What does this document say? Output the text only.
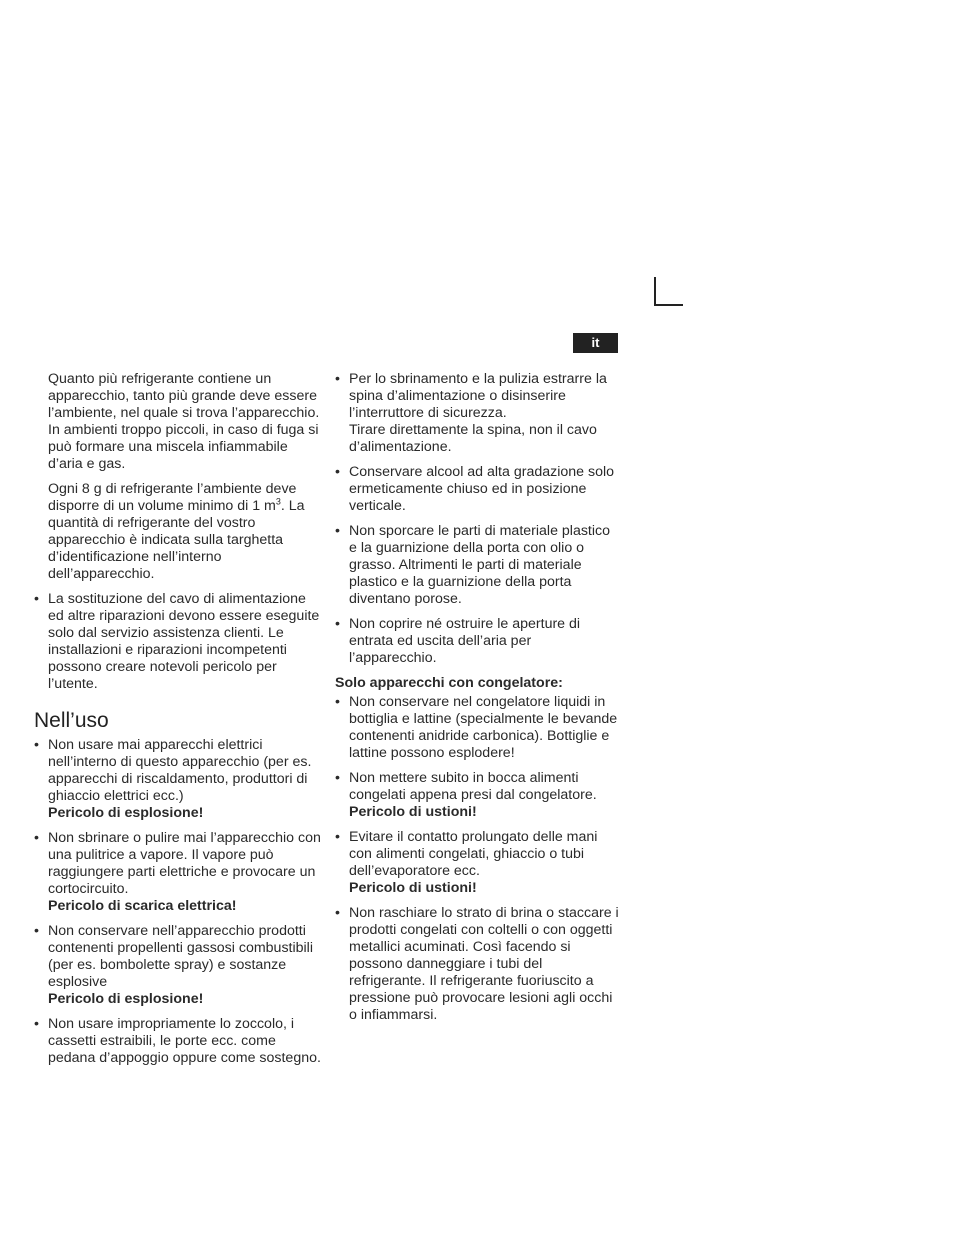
it

Quanto più refrigerante contiene un apparecchio, tanto più grande deve essere l’ambiente, nel quale si trova l’apparecchio. In ambienti troppo piccoli, in caso di fuga si può formare una miscela infiammabile d’aria e gas.

Ogni 8 g di refrigerante l’ambiente deve disporre di un volume minimo di 1 $m^3$. La quantità di refrigerante del vostro apparecchio è indicata sulla targhetta d’identificazione nell’interno dell’apparecchio.

• La sostituzione del cavo di alimentazione ed altre riparazioni devono essere eseguite solo dal servizio assistenza clienti. Le installazioni e riparazioni incompetenti possono creare notevoli pericolo per l’utente.
Nell’uso
• Non usare mai apparecchi elettrici nell’interno di questo apparecchio (per es. apparecchi di riscaldamento, produttori di ghiaccio elettrici ecc.)
Pericolo di esplosione!
• Non sbrinare o pulire mai l’apparecchio con una pulitrice a vapore. Il vapore può raggiungere parti elettriche e provocare un cortocircuito.
Pericolo di scarica elettrica!
• Non conservare nell’apparecchio prodotti contenenti propellenti gassosi combustibili (per es. bombolette spray) e sostanze esplosive
Pericolo di esplosione!
• Non usare impropriamente lo zoccolo, i cassetti estraibili, le porte ecc. come pedana d’appoggio oppure come sostegno.
• Per lo sbrinamento e la pulizia estrarre la spina d’alimentazione o disinserire l’interruttore di sicurezza.
Tirare direttamente la spina, non il cavo d’alimentazione.
• Conservare alcool ad alta gradazione solo ermeticamente chiuso ed in posizione verticale.
• Non sporcare le parti di materiale plastico e la guarnizione della porta con olio o grasso. Altrimenti le parti di materiale plastico e la guarnizione della porta diventano porose.
• Non coprire né ostruire le aperture di entrata ed uscita dell’aria per l’apparecchio.
Solo apparecchi con congelatore:
• Non conservare nel congelatore liquidi in bottiglia e lattine (specialmente le bevande contenenti anidride carbonica). Bottiglie e lattine possono esplodere!
• Non mettere subito in bocca alimenti congelati appena presi dal congelatore.
Pericolo di ustioni!
• Evitare il contatto prolungato delle mani con alimenti congelati, ghiaccio o tubi dell’evaporatore ecc.
Pericolo di ustioni!
• Non raschiare lo strato di brina o staccare i prodotti congelati con coltelli o con oggetti metallici acuminati. Così facendo si possono danneggiare i tubi del refrigerante. Il refrigerante fuoriuscito a pressione può provocare lesioni agli occhi o infiammarsi.
